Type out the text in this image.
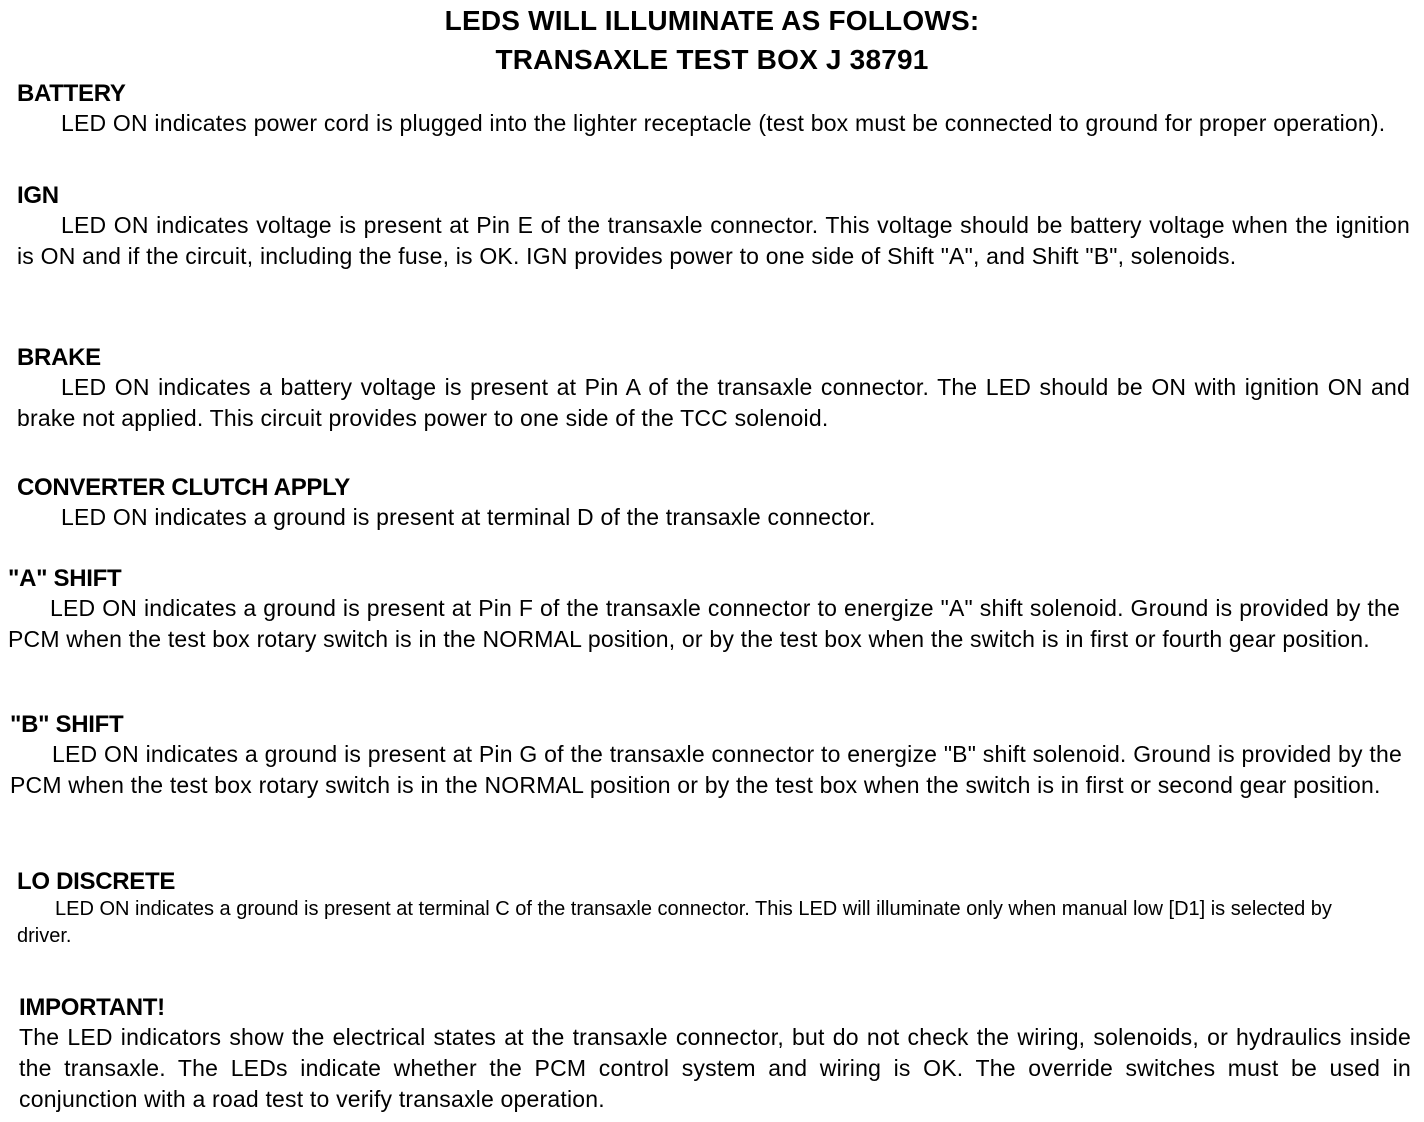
LEDS WILL ILLUMINATE AS FOLLOWS:
TRANSAXLE TEST BOX J 38791

BATTERY

LED ON indicates power cord is plugged into the lighter receptacle (test box must be connected to ground for proper operation).

IGN

LED ON indicates voltage is present at Pin E of the transaxle connector. This voltage should be battery voltage when the ignition is ON and if the circuit, including the fuse, is OK. IGN provides power to one side of Shift "A", and Shift "B", solenoids.

BRAKE

LED ON indicates a battery voltage is present at Pin A of the transaxle connector. The LED should be ON with ignition ON and brake not applied. This circuit provides power to one side of the TCC solenoid.

CONVERTER CLUTCH APPLY

LED ON indicates a ground is present at terminal D of the transaxle connector.

"A" SHIFT

LED ON indicates a ground is present at Pin F of the transaxle connector to energize "A" shift solenoid. Ground is provided by the PCM when the test box rotary switch is in the NORMAL position, or by the test box when the switch is in first or fourth gear position.

"B" SHIFT

LED ON indicates a ground is present at Pin G of the transaxle connector to energize "B" shift solenoid. Ground is provided by the PCM when the test box rotary switch is in the NORMAL position or by the test box when the switch is in first or second gear position.

LO DISCRETE

LED ON indicates a ground is present at terminal C of the transaxle connector. This LED will illuminate only when manual low [D1] is selected by driver.

IMPORTANT!

The LED indicators show the electrical states at the transaxle connector, but do not check the wiring, solenoids, or hydraulics inside the transaxle. The LEDs indicate whether the PCM control system and wiring is OK. The override switches must be used in conjunction with a road test to verify transaxle operation.
